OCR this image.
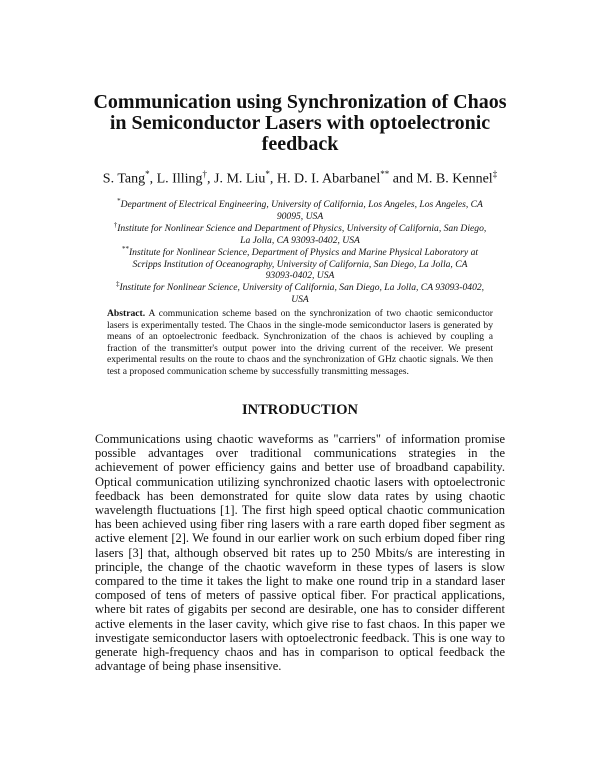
Communication using Synchronization of Chaos
in Semiconductor Lasers with optoelectronic
feedback
S. Tang*, L. Illing†, J. M. Liu*, H. D. I. Abarbanel** and M. B. Kennel‡
*Department of Electrical Engineering, University of California, Los Angeles, Los Angeles, CA
90095, USA
†Institute for Nonlinear Science and Department of Physics, University of California, San Diego,
La Jolla, CA 93093-0402, USA
**Institute for Nonlinear Science, Department of Physics and Marine Physical Laboratory at
Scripps Institution of Oceanography, University of California, San Diego, La Jolla, CA
93093-0402, USA
‡Institute for Nonlinear Science, University of California, San Diego, La Jolla, CA 93093-0402,
USA
Abstract. A communication scheme based on the synchronization of two chaotic semiconductor lasers is experimentally tested. The Chaos in the single-mode semiconductor lasers is generated by means of an optoelectronic feedback. Synchronization of the chaos is achieved by coupling a fraction of the transmitter's output power into the driving current of the receiver. We present experimental results on the route to chaos and the synchronization of GHz chaotic signals. We then test a proposed communication scheme by successfully transmitting messages.
INTRODUCTION
Communications using chaotic waveforms as "carriers" of information promise possible advantages over traditional communications strategies in the achievement of power efficiency gains and better use of broadband capability. Optical communication utilizing synchronized chaotic lasers with optoelectronic feedback has been demonstrated for quite slow data rates by using chaotic wavelength fluctuations [1]. The first high speed optical chaotic communication has been achieved using fiber ring lasers with a rare earth doped fiber segment as active element [2]. We found in our earlier work on such erbium doped fiber ring lasers [3] that, although observed bit rates up to 250 Mbits/s are interesting in principle, the change of the chaotic waveform in these types of lasers is slow compared to the time it takes the light to make one round trip in a standard laser composed of tens of meters of passive optical fiber. For practical applications, where bit rates of gigabits per second are desirable, one has to consider different active elements in the laser cavity, which give rise to fast chaos. In this paper we investigate semiconductor lasers with optoelectronic feedback. This is one way to generate high-frequency chaos and has in comparison to optical feedback the advantage of being phase insensitive.
